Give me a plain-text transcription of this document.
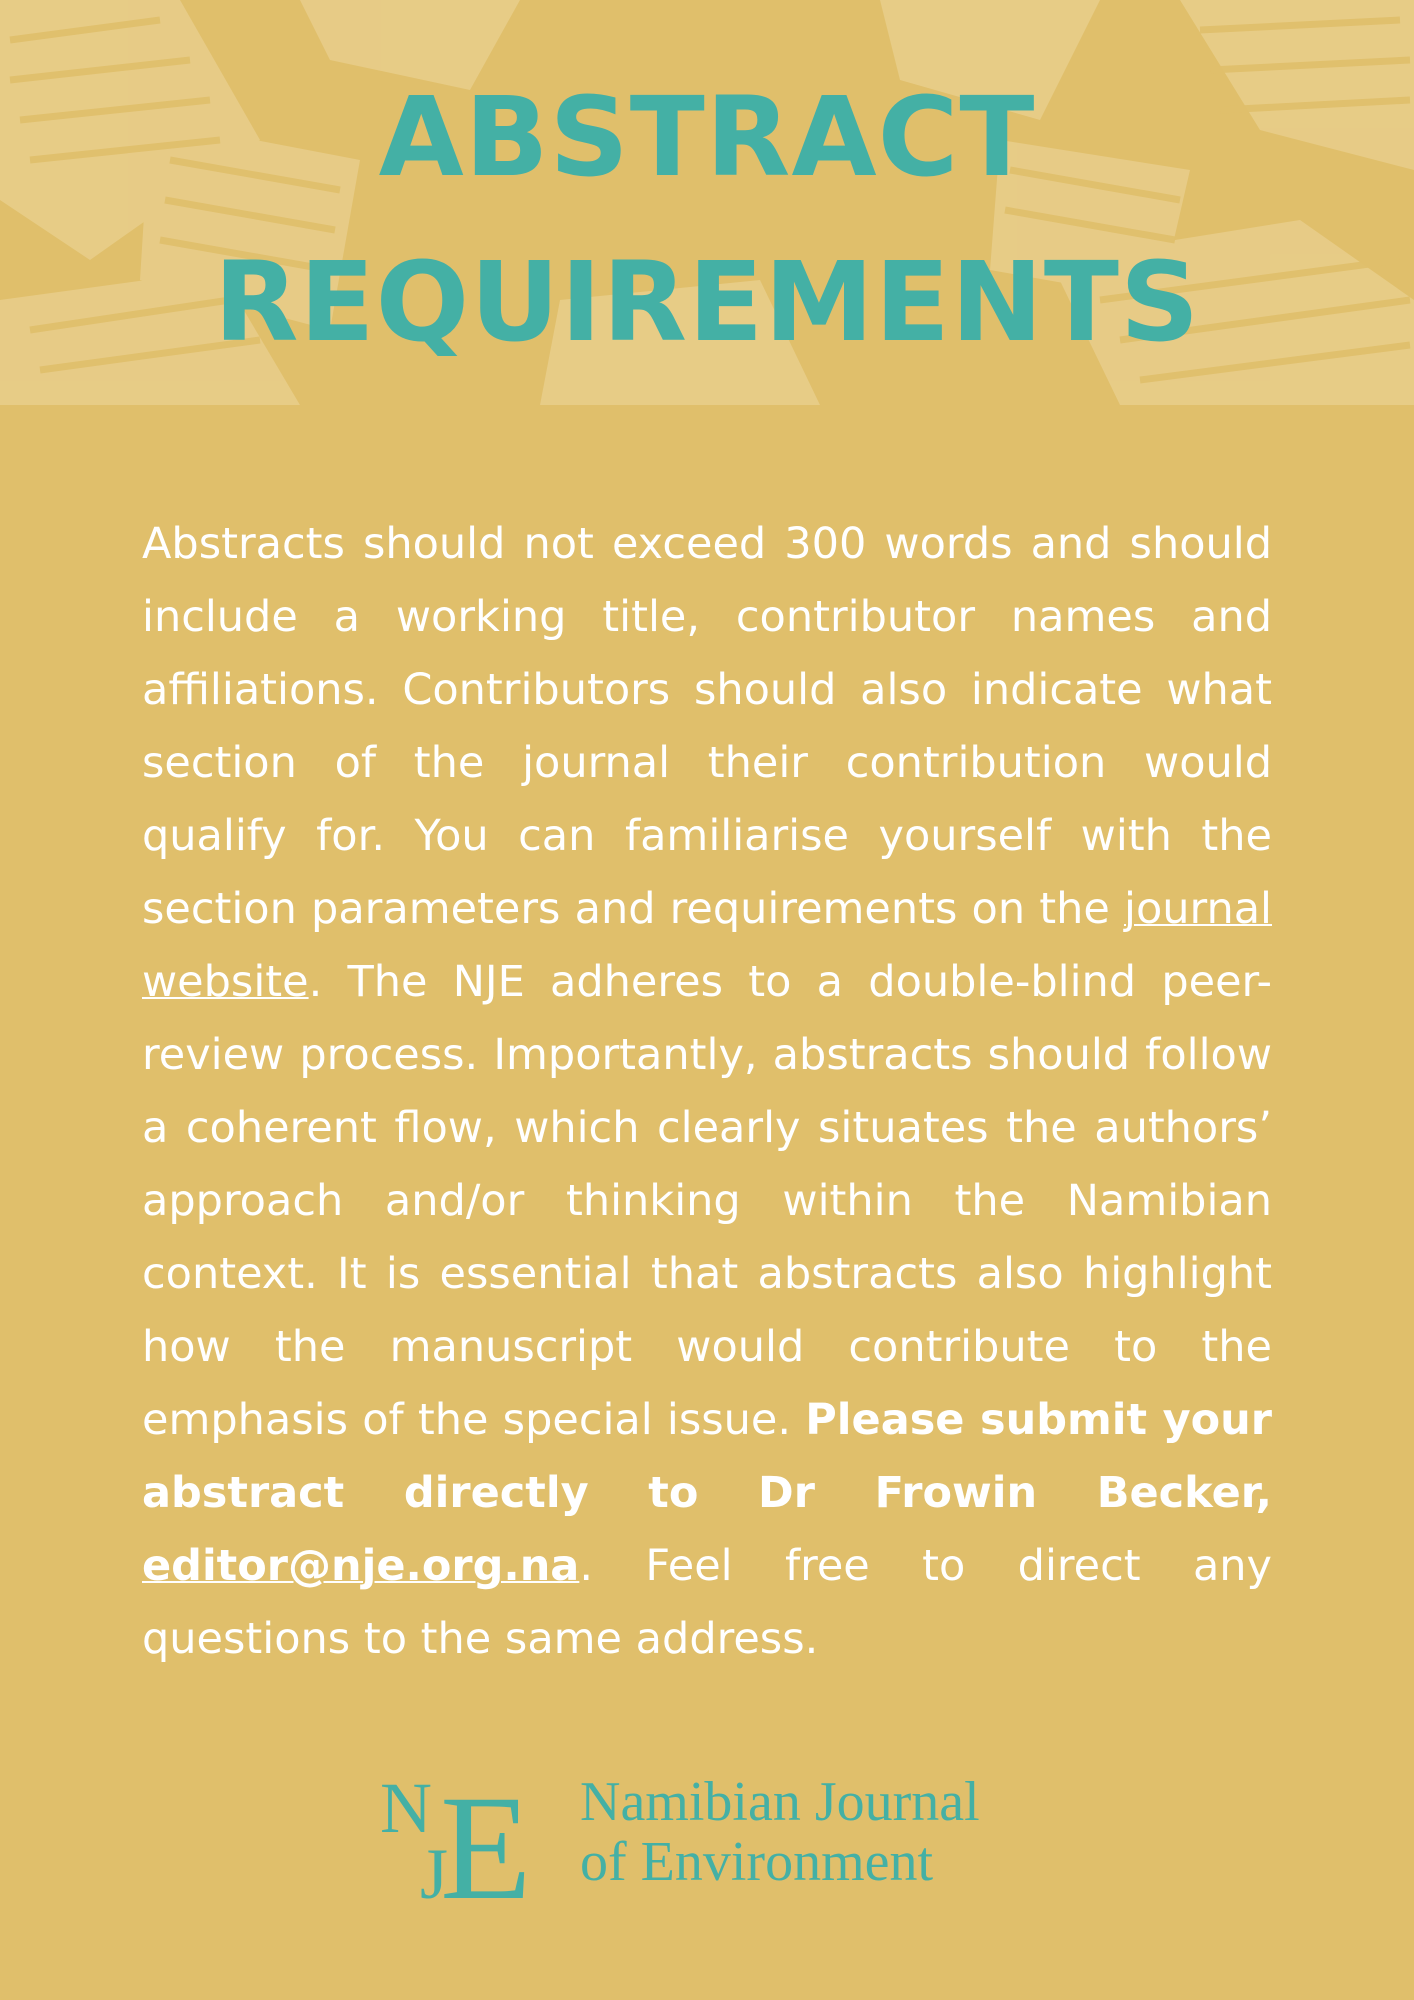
ABSTRACT
REQUIREMENTS
Abstracts should not exceed 300 words and should include a working title, contributor names and affiliations. Contributors should also indicate what section of the journal their contribution would qualify for. You can familiarise yourself with the section parameters and requirements on the journal website. The NJE adheres to a double-blind peer-review process. Importantly, abstracts should follow a coherent flow, which clearly situates the authors’ approach and/or thinking within the Namibian context. It is essential that abstracts also highlight how the manuscript would contribute to the emphasis of the special issue. Please submit your abstract directly to Dr Frowin Becker, editor@nje.org.na. Feel free to direct any questions to the same address.
N
J
E Namibian Journal
of Environment
